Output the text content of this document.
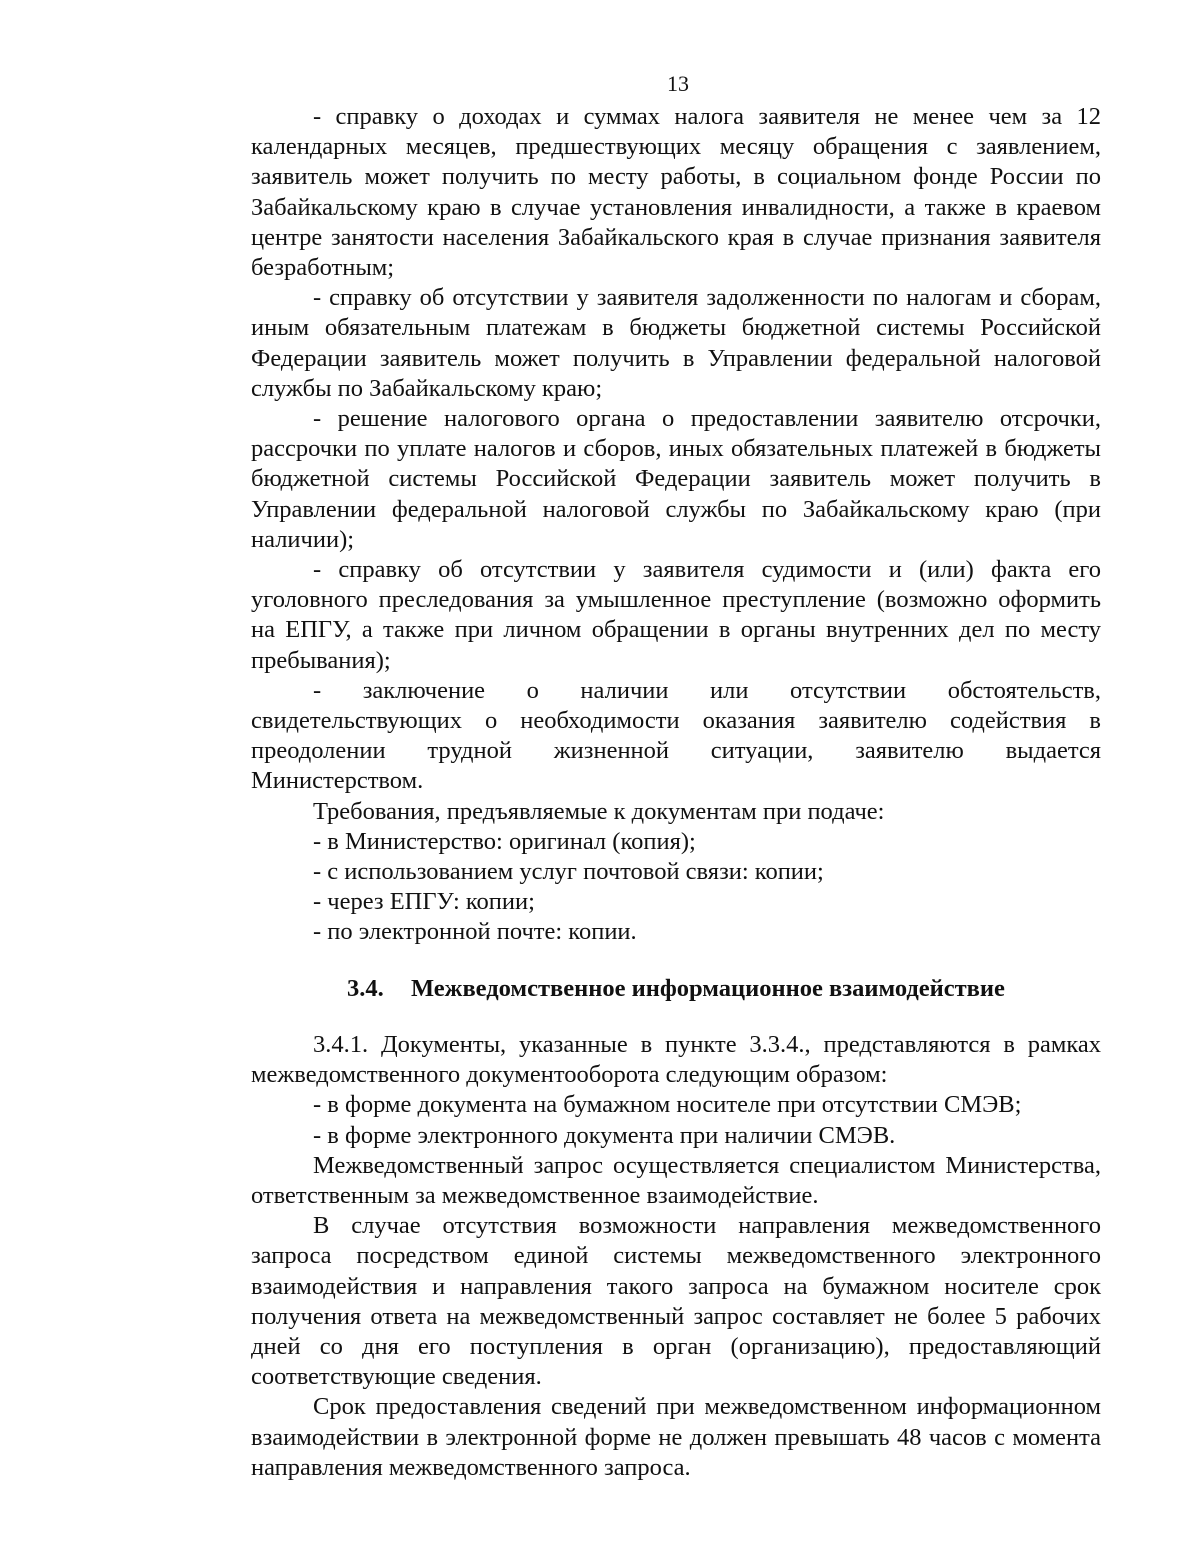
13

- справку о доходах и суммах налога заявителя не менее чем за 12 календарных месяцев, предшествующих месяцу обращения с заявлением, заявитель может получить по месту работы, в социальном фонде России по Забайкальскому краю в случае установления инвалидности, а также в краевом центре занятости населения Забайкальского края в случае признания заявителя безработным;

- справку об отсутствии у заявителя задолженности по налогам и сборам, иным обязательным платежам в бюджеты бюджетной системы Российской Федерации заявитель может получить в Управлении федеральной налоговой службы по Забайкальскому краю;

- решение налогового органа о предоставлении заявителю отсрочки, рассрочки по уплате налогов и сборов, иных обязательных платежей в бюджеты бюджетной системы Российской Федерации заявитель может получить в Управлении федеральной налоговой службы по Забайкальскому краю (при наличии);

- справку об отсутствии у заявителя судимости и (или) факта его уголовного преследования за умышленное преступление (возможно оформить на ЕПГУ, а также при личном обращении в органы внутренних дел по месту пребывания);

- заключение о наличии или отсутствии обстоятельств, свидетельствующих о необходимости оказания заявителю содействия в преодолении трудной жизненной ситуации, заявителю выдается Министерством.

Требования, предъявляемые к документам при подаче:

- в Министерство: оригинал (копия);

- с использованием услуг почтовой связи: копии;

- через ЕПГУ: копии;

- по электронной почте: копии.

3.4. Межведомственное информационное взаимодействие

3.4.1. Документы, указанные в пункте 3.3.4., представляются в рамках межведомственного документооборота следующим образом:

- в форме документа на бумажном носителе при отсутствии СМЭВ;

- в форме электронного документа при наличии СМЭВ.

Межведомственный запрос осуществляется специалистом Министерства, ответственным за межведомственное взаимодействие.

В случае отсутствия возможности направления межведомственного запроса посредством единой системы межведомственного электронного взаимодействия и направления такого запроса на бумажном носителе срок получения ответа на межведомственный запрос составляет не более 5 рабочих дней со дня его поступления в орган (организацию), предоставляющий соответствующие сведения.

Срок предоставления сведений при межведомственном информационном взаимодействии в электронной форме не должен превышать 48 часов с момента направления межведомственного запроса.
